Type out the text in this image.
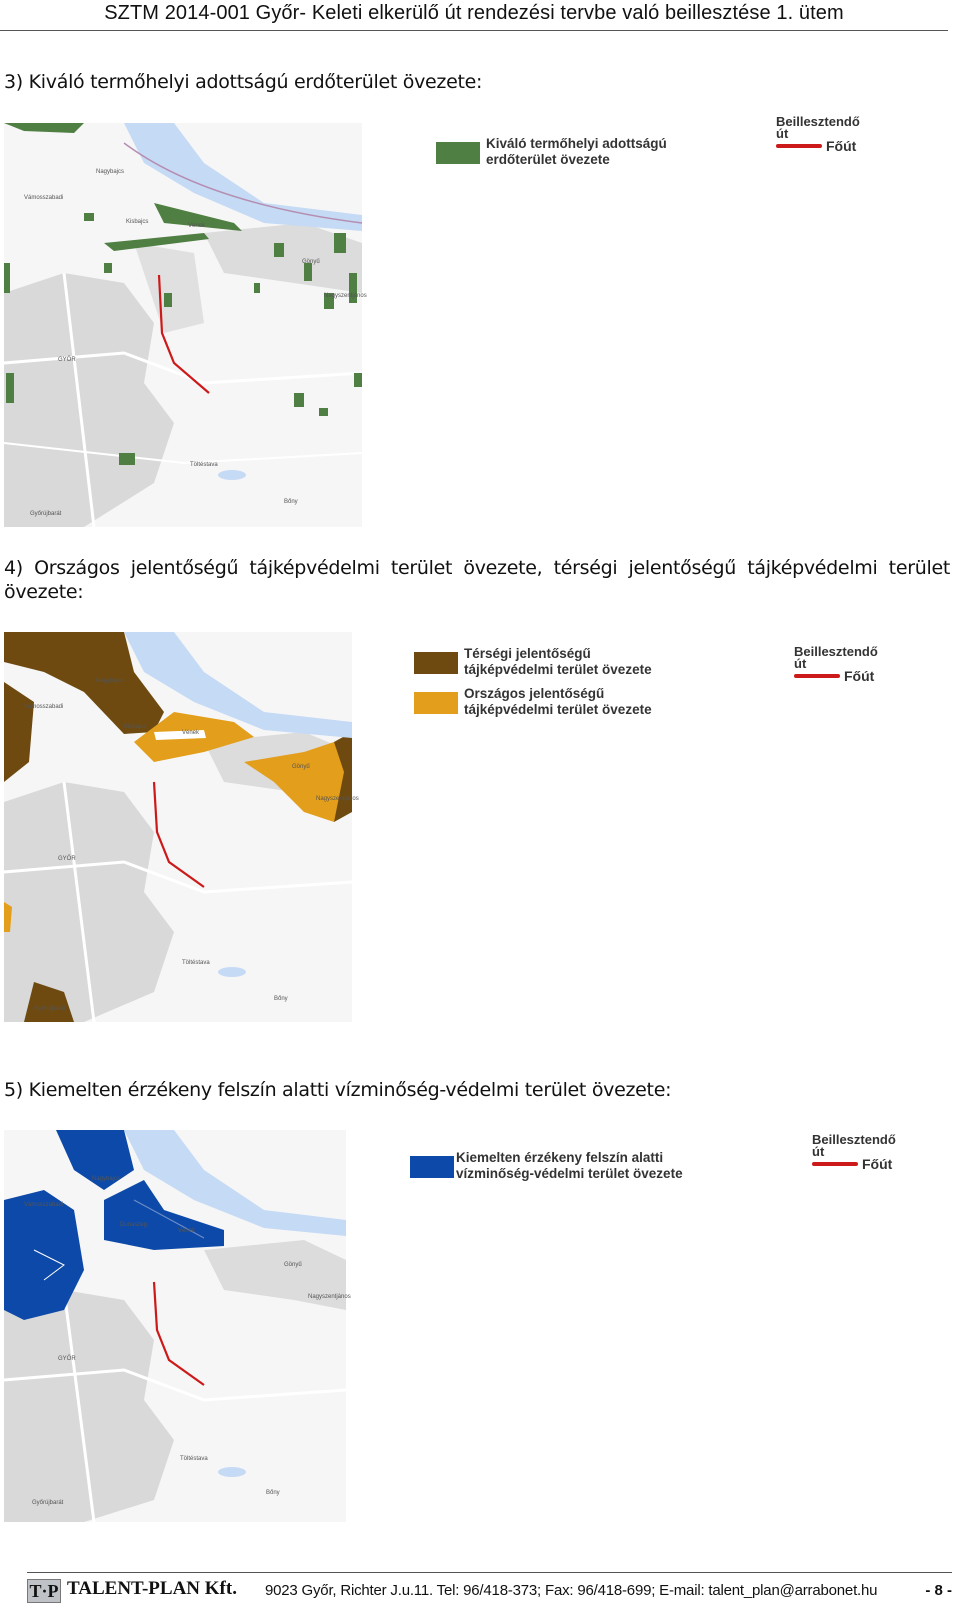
SZTM 2014-001 Győr- Keleti elkerülő út rendezési tervbe való beillesztése 1. ütem
3) Kiváló termőhelyi adottságú erdőterület övezete:
Nagybajcs
Vámosszabadi
Kisbajcs
Vének
Gönyű
Nagyszentjános
GYŐR
Töltéstava
Bőny
Győrújbarát
Kiváló termőhelyi adottságú
erdőterület övezete
Beillesztendő út
Főút
4) Országos jelentőségű tájképvédelmi terület övezete, térségi jelentőségű tájképvédelmi terület övezete:
Nagybajcs
Vámosszabadi
Kisbajcs
Vének
Gönyű
Nagyszentjános
GYŐR
Töltéstava
Bőny
Győrújbarát
Térségi jelentőségű
tájképvédelmi terület övezete
Országos jelentőségű
tájképvédelmi terület övezete
Beillesztendő út
Főút
5) Kiemelten érzékeny felszín alatti vízminőség-védelmi terület övezete:
Nagybajcs
Vámosszabadi
Dunaszeg
Vének
Gönyű
Nagyszentjános
GYŐR
Töltéstava
Bőny
Győrújbarát
Kiemelten érzékeny felszín alatti
vízminőség-védelmi terület övezete
Beillesztendő út
Főút
T·P TALENT-PLAN Kft. 9023 Győr, Richter J.u.11. Tel: 96/418-373; Fax: 96/418-699; E-mail: talent_plan@arrabonet.hu	- 8 -
